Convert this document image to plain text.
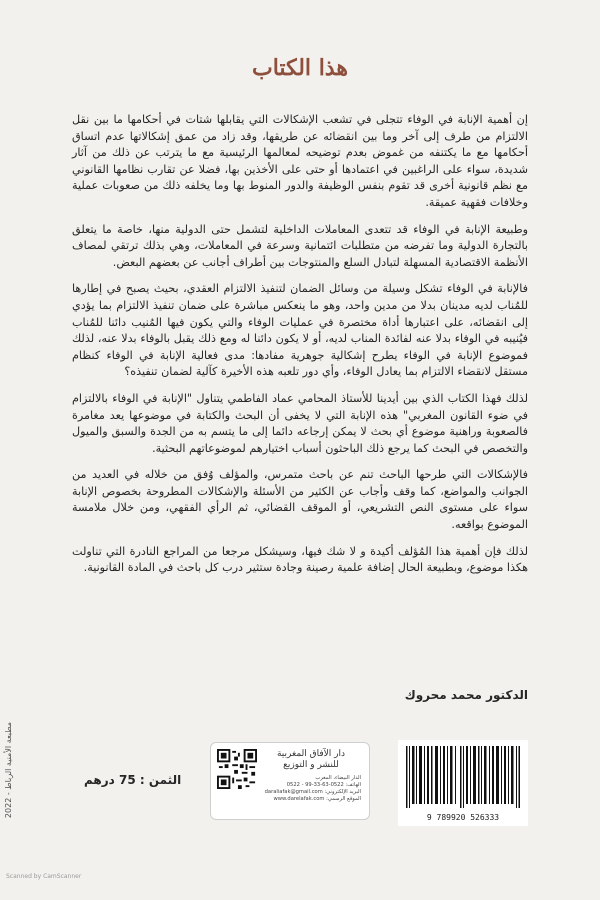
هذا الكتاب

إن أهمية الإنابة في الوفاء تتجلى في تشعب الإشكالات التي يقابلها شتات في أحكامها ما بين نقل الالتزام من طرف إلى آخر وما بين انقضائه عن طريقها، وقد زاد من عمق إشكالاتها عدم اتساق أحكامها مع ما يكتنفه من غموض بعدم توضيحه لمعالمها الرئيسية مع ما يترتب عن ذلك من آثار شديدة، سواء على الراغبين في اعتمادها أو حتى على الأخذين بها، فضلا عن تقارب نظامها القانوني مع نظم قانونية أخرى قد تقوم بنفس الوظيفة والدور المنوط بها وما يخلفه ذلك من صعوبات عملية وخلافات فقهية عميقة.

وطبيعة الإنابة في الوفاء قد تتعدى المعاملات الداخلية لتشمل حتى الدولية منها، خاصة ما يتعلق بالتجارة الدولية وما تفرضه من متطلبات ائتمانية وسرعة في المعاملات، وهي بذلك ترتقي لمصاف الأنظمة الاقتصادية المسهلة لتبادل السلع والمنتوجات بين أطراف أجانب عن بعضهم البعض.

فالإنابة في الوفاء تشكل وسيلة من وسائل الضمان لتنفيذ الالتزام العقدي، بحيث يصبح في إطارها للمُناب لديه مدينان بدلا من مدين واحد، وهو ما ينعكس مباشرة على ضمان تنفيذ الالتزام بما يؤدي إلى انقضائه، على اعتبارها أداة مختصرة في عمليات الوفاء والتي يكون فيها المُنيب دائنا للمُناب فيُنيبه في الوفاء بدلا عنه لفائدة المناب لديه، أو لا يكون دائنا له ومع ذلك يقبل بالوفاء بدلا عنه، لذلك فموضوع الإنابة في الوفاء يطرح إشكالية جوهرية مفادها: مدى فعالية الإنابة في الوفاء كنظام مستقل لانقضاء الالتزام بما يعادل الوفاء، وأي دور تلعبه هذه الأخيرة كآلية لضمان تنفيذه؟

لذلك فهذا الكتاب الذي بين أيدينا للأستاذ المحامي عماد الفاطمي يتناول "الإنابة في الوفاء بالالتزام في ضوء القانون المغربي" هذه الإنابة التي لا يخفى أن البحث والكتابة في موضوعها يعد مغامرة فالصعوبة وراهنية موضوع أي بحث لا يمكن إرجاعه دائما إلى ما يتسم به من الجدة والسبق والميول والتخصص في البحث كما يرجع ذلك الباحثون أسباب اختيارهم لموضوعاتهم البحثية.

فالإشكالات التي طرحها الباحث تنم عن باحث متمرس، والمؤلف وُفق من خلاله في العديد من الجوانب والمواضع، كما وقف وأجاب عن الكثير من الأسئلة والإشكالات المطروحة بخصوص الإنابة سواء على مستوى النص التشريعي، أو الموقف القضائي، ثم الرأي الفقهي، ومن خلال ملامسة الموضوع بواقعه.

لذلك فإن أهمية هذا المُؤلف أكيدة و لا شك فيها، وسيشكل مرجعا من المراجع النادرة التي تناولت هكذا موضوع، وبطبيعة الحال إضافة علمية رصينة وجادة ستثير درب كل باحث في المادة القانونية.

الدكتور محمد محروك
مطبعة الأمنية الرباط - 2022	الثمن : 75 درهم
دار الآفاق المغربية
للنشر و التوزيع
الدار البيضاء، المغرب
الهاتف: 0522-63-33-99 - 0522
البريد الإلكتروني: daraliafak@gmail.com
الموقع الرسمي: www.darelafak.com
9 789920 526333
Scanned by CamScanner
